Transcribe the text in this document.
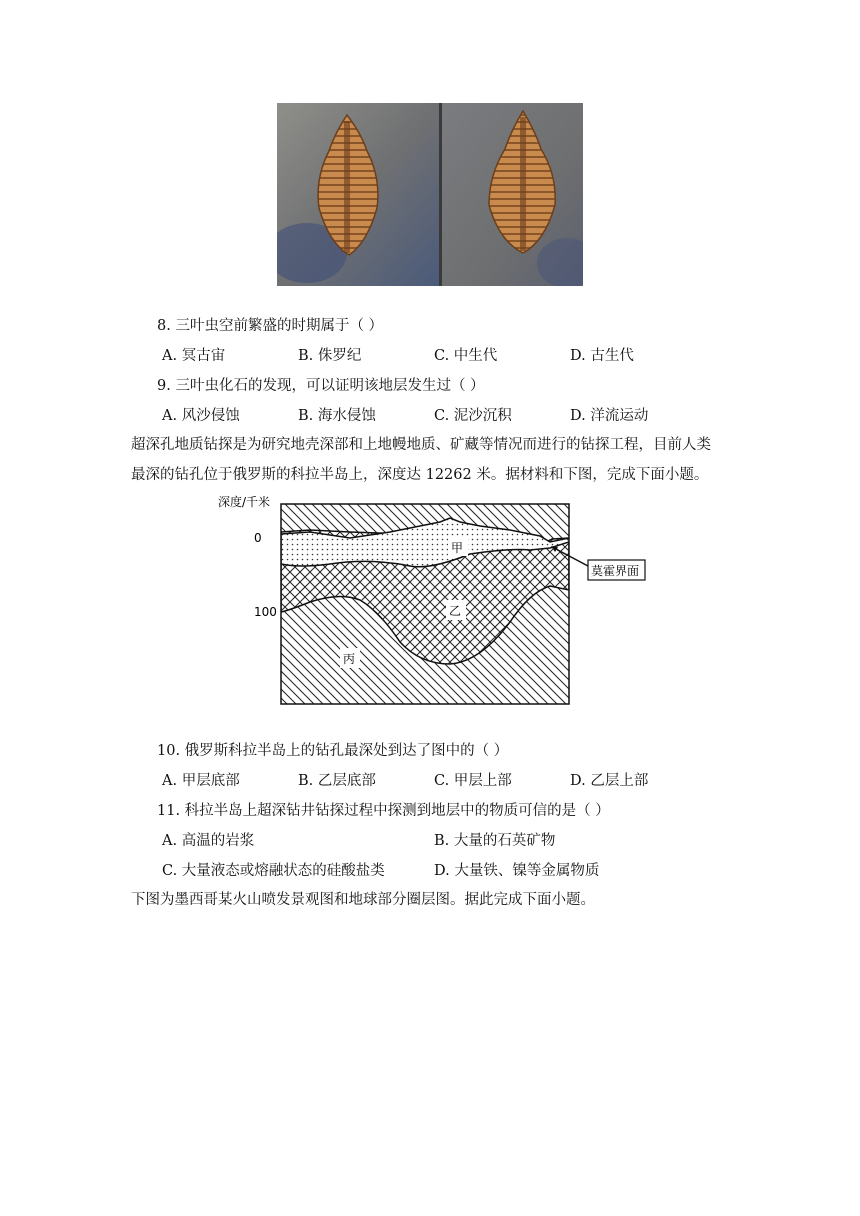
8. 三叶虫空前繁盛的时期属于（ ）
A. 冥古宙	B. 侏罗纪	C. 中生代	D. 古生代
9. 三叶虫化石的发现，可以证明该地层发生过（ ）
A. 风沙侵蚀	B. 海水侵蚀	C. 泥沙沉积	D. 洋流运动
超深孔地质钻探是为研究地壳深部和上地幔地质、矿藏等情况而进行的钻探工程，目前人类
最深的钻孔位于俄罗斯的科拉半岛上，深度达 12262 米。据材料和下图，完成下面小题。
深度/千米
0
100
甲
乙
丙
莫霍界面
10. 俄罗斯科拉半岛上的钻孔最深处到达了图中的（ ）
A. 甲层底部	B. 乙层底部	C. 甲层上部	D. 乙层上部
11. 科拉半岛上超深钻井钻探过程中探测到地层中的物质可信的是（ ）
A. 高温的岩浆	B. 大量的石英矿物
C. 大量液态或熔融状态的硅酸盐类	D. 大量铁、镍等金属物质
下图为墨西哥某火山喷发景观图和地球部分圈层图。据此完成下面小题。
